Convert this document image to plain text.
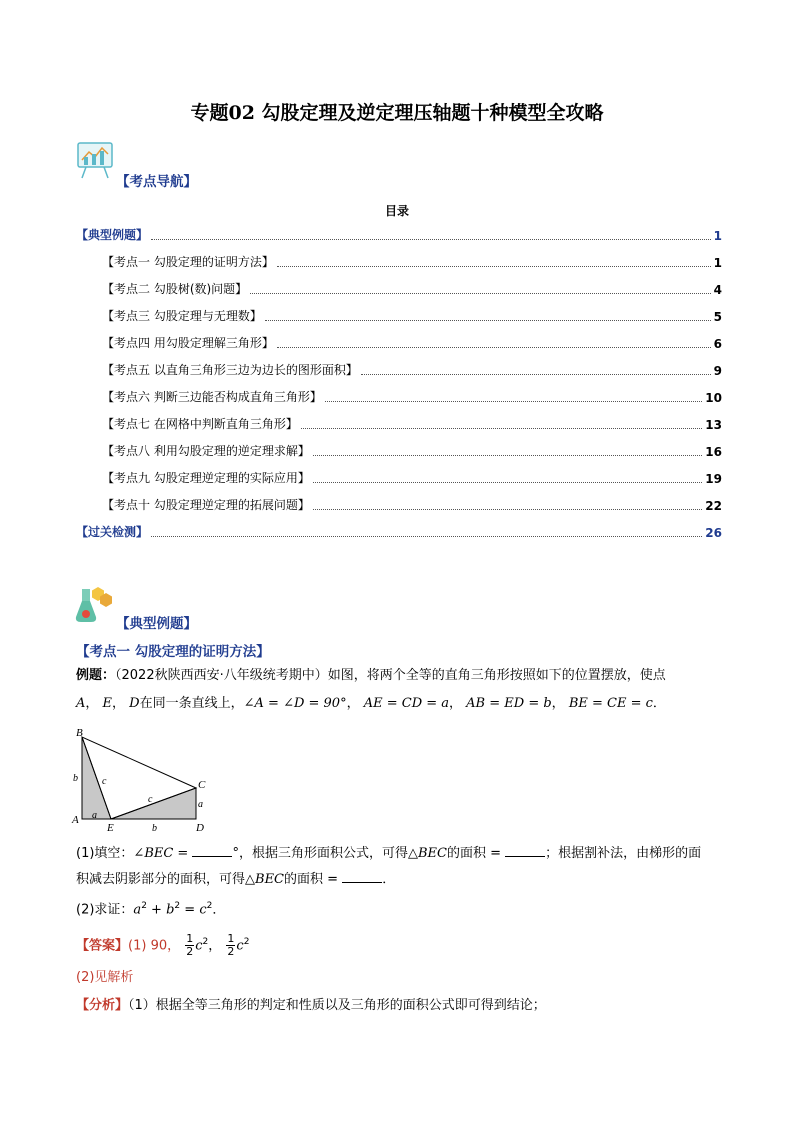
专题02 勾股定理及逆定理压轴题十种模型全攻略
【考点导航】
目录
【典型例题】	1
【考点一 勾股定理的证明方法】	1
【考点二 勾股树(数)问题】	4
【考点三 勾股定理与无理数】	5
【考点四 用勾股定理解三角形】	6
【考点五 以直角三角形三边为边长的图形面积】	9
【考点六 判断三边能否构成直角三角形】	10
【考点七 在网格中判断直角三角形】	13
【考点八 利用勾股定理的逆定理求解】	16
【考点九 勾股定理逆定理的实际应用】	19
【考点十 勾股定理逆定理的拓展问题】	22
【过关检测】	26
【典型例题】
【考点一 勾股定理的证明方法】
例题：（2022秋陕西西安·八年级统考期中）如图，将两个全等的直角三角形按照如下的位置摆放，使点
A， E， D在同一条直线上，∠A = ∠D = 90°， AE = CD = a， AB = ED = b， BE = CE = c．
B
A
E	D
C
b c
c	a
a
b
(1)填空：∠BEC =	°，根据三角形面积公式，可得△BEC的面积 =	；根据割补法，由梯形的面
积减去阴影部分的面积，可得△BEC的面积 =	．
(2)求证：$a^2 + b^2 = c^2$．
【答案】(1) 90， $\frac{1}{2} c^2$， $\frac{1}{2} c^2$
(2)见解析
【分析】（1）根据全等三角形的判定和性质以及三角形的面积公式即可得到结论；
